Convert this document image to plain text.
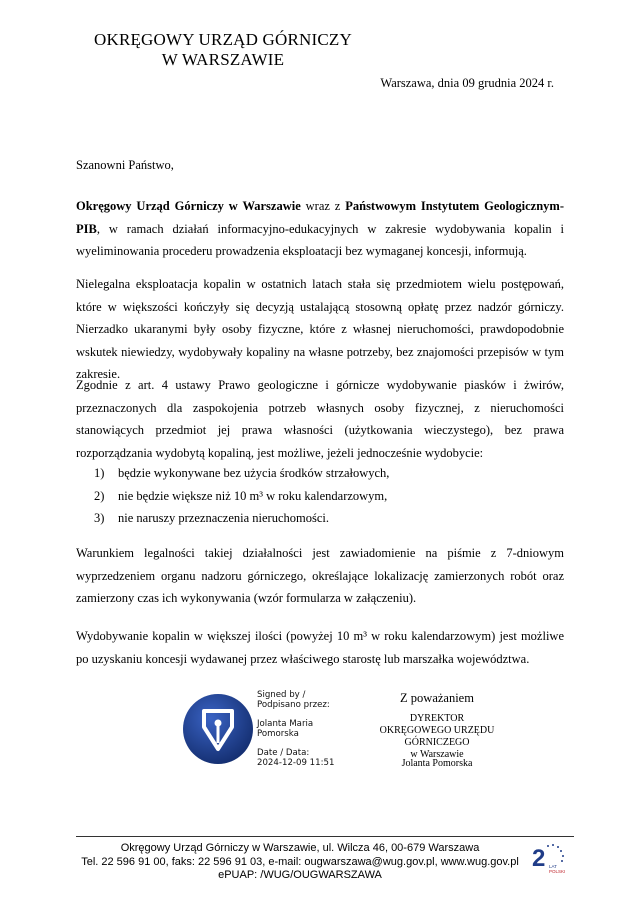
OKRĘGOWY URZĄD GÓRNICZY
W WARSZAWIE
Warszawa, dnia 09 grudnia 2024 r.
Szanowni Państwo,
Okręgowy Urząd Górniczy w Warszawie wraz z Państwowym Instytutem Geologicznym-PIB, w ramach działań informacyjno-edukacyjnych w zakresie wydobywania kopalin i wyeliminowania procederu prowadzenia eksploatacji bez wymaganej koncesji, informują.
Nielegalna eksploatacja kopalin w ostatnich latach stała się przedmiotem wielu postępowań, które w większości kończyły się decyzją ustalającą stosowną opłatę przez nadzór górniczy. Nierzadko ukaranymi były osoby fizyczne, które z własnej nieruchomości, prawdopodobnie wskutek niewiedzy, wydobywały kopaliny na własne potrzeby, bez znajomości przepisów w tym zakresie.
Zgodnie z art. 4 ustawy Prawo geologiczne i górnicze wydobywanie piasków i żwirów, przeznaczonych dla zaspokojenia potrzeb własnych osoby fizycznej, z nieruchomości stanowiących przedmiot jej prawa własności (użytkowania wieczystego), bez prawa rozporządzania wydobytą kopaliną, jest możliwe, jeżeli jednocześnie wydobycie:
1) będzie wykonywane bez użycia środków strzałowych,
2) nie będzie większe niż 10 m³ w roku kalendarzowym,
3) nie naruszy przeznaczenia nieruchomości.
Warunkiem legalności takiej działalności jest zawiadomienie na piśmie z 7-dniowym wyprzedzeniem organu nadzoru górniczego, określające lokalizację zamierzonych robót oraz zamierzony czas ich wykonywania (wzór formularza w załączeniu).
Wydobywanie kopalin w większej ilości (powyżej 10 m³ w roku kalendarzowym) jest możliwe po uzyskaniu koncesji wydawanej przez właściwego starostę lub marszałka województwa.
Signed by /
Podpisano przez:
Jolanta Maria
Pomorska
Date / Data:
2024-12-09 11:51
Z poważaniem
DYREKTOR
OKRĘGOWEGO URZĘDU GÓRNICZEGO
w Warszawie
Jolanta Pomorska
Okręgowy Urząd Górniczy w Warszawie, ul. Wilcza 46, 00-679 Warszawa
Tel. 22 596 91 00, faks: 22 596 91 03, e-mail: ougwarszawa@wug.gov.pl, www.wug.gov.pl
ePUAP: /WUG/OUGWARSZAWA
2 LAT
POLSKI
